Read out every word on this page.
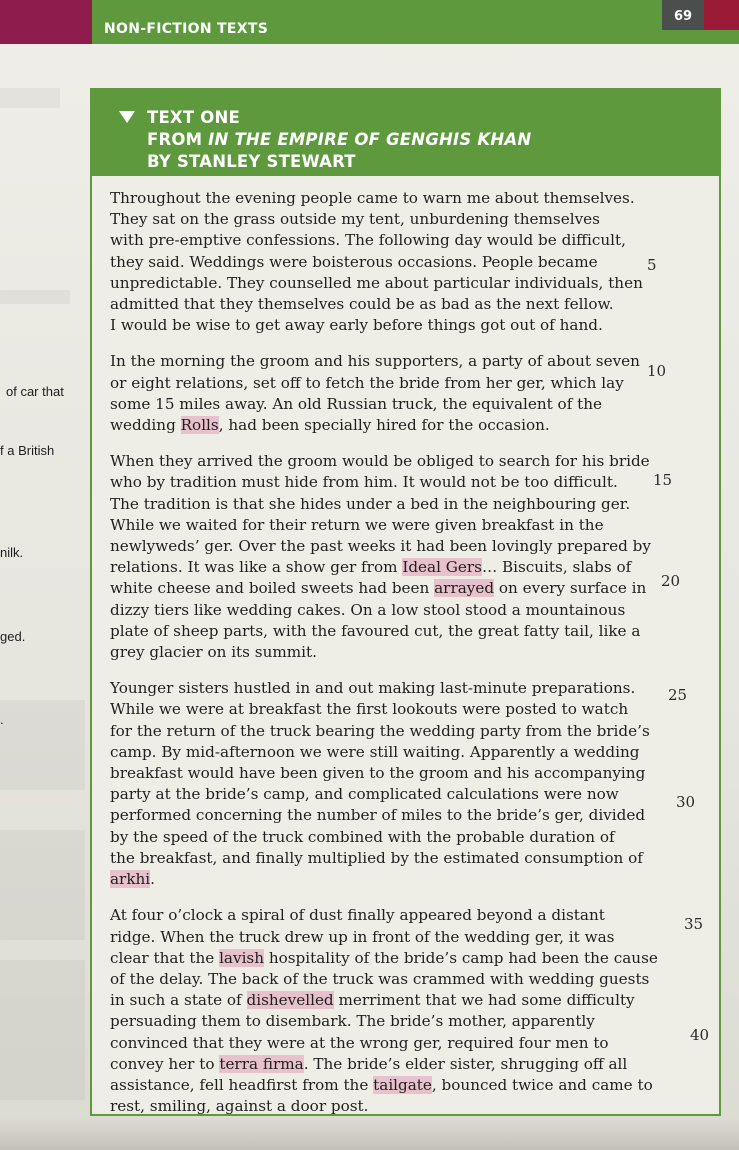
NON-FICTION TEXTS
69
of car that
f a British
nilk.
ged.
.
TEXT ONE
FROM IN THE EMPIRE OF GENGHIS KHAN
BY STANLEY STEWART

Throughout the evening people came to warn me about themselves.
They sat on the grass outside my tent, unburdening themselves
with pre-emptive confessions. The following day would be difficult,
they said. Weddings were boisterous occasions. People became
unpredictable. They counselled me about particular individuals, then
admitted that they themselves could be as bad as the next fellow.
I would be wise to get away early before things got out of hand.

In the morning the groom and his supporters, a party of about seven
or eight relations, set off to fetch the bride from her ger, which lay
some 15 miles away. An old Russian truck, the equivalent of the
wedding Rolls, had been specially hired for the occasion.

When they arrived the groom would be obliged to search for his bride
who by tradition must hide from him. It would not be too difficult.
The tradition is that she hides under a bed in the neighbouring ger.
While we waited for their return we were given breakfast in the
newlyweds’ ger. Over the past weeks it had been lovingly prepared by
relations. It was like a show ger from Ideal Gers… Biscuits, slabs of
white cheese and boiled sweets had been arrayed on every surface in
dizzy tiers like wedding cakes. On a low stool stood a mountainous
plate of sheep parts, with the favoured cut, the great fatty tail, like a
grey glacier on its summit.

Younger sisters hustled in and out making last-minute preparations.
While we were at breakfast the first lookouts were posted to watch
for the return of the truck bearing the wedding party from the bride’s
camp. By mid-afternoon we were still waiting. Apparently a wedding
breakfast would have been given to the groom and his accompanying
party at the bride’s camp, and complicated calculations were now
performed concerning the number of miles to the bride’s ger, divided
by the speed of the truck combined with the probable duration of
the breakfast, and finally multiplied by the estimated consumption of
arkhi.

At four o’clock a spiral of dust finally appeared beyond a distant
ridge. When the truck drew up in front of the wedding ger, it was
clear that the lavish hospitality of the bride’s camp had been the cause
of the delay. The back of the truck was crammed with wedding guests
in such a state of dishevelled merriment that we had some difficulty
persuading them to disembark. The bride’s mother, apparently
convinced that they were at the wrong ger, required four men to
convey her to terra firma. The bride’s elder sister, shrugging off all
assistance, fell headfirst from the tailgate, bounced twice and came to
rest, smiling, against a door post.

5
10
15
20
25
30
35
40
